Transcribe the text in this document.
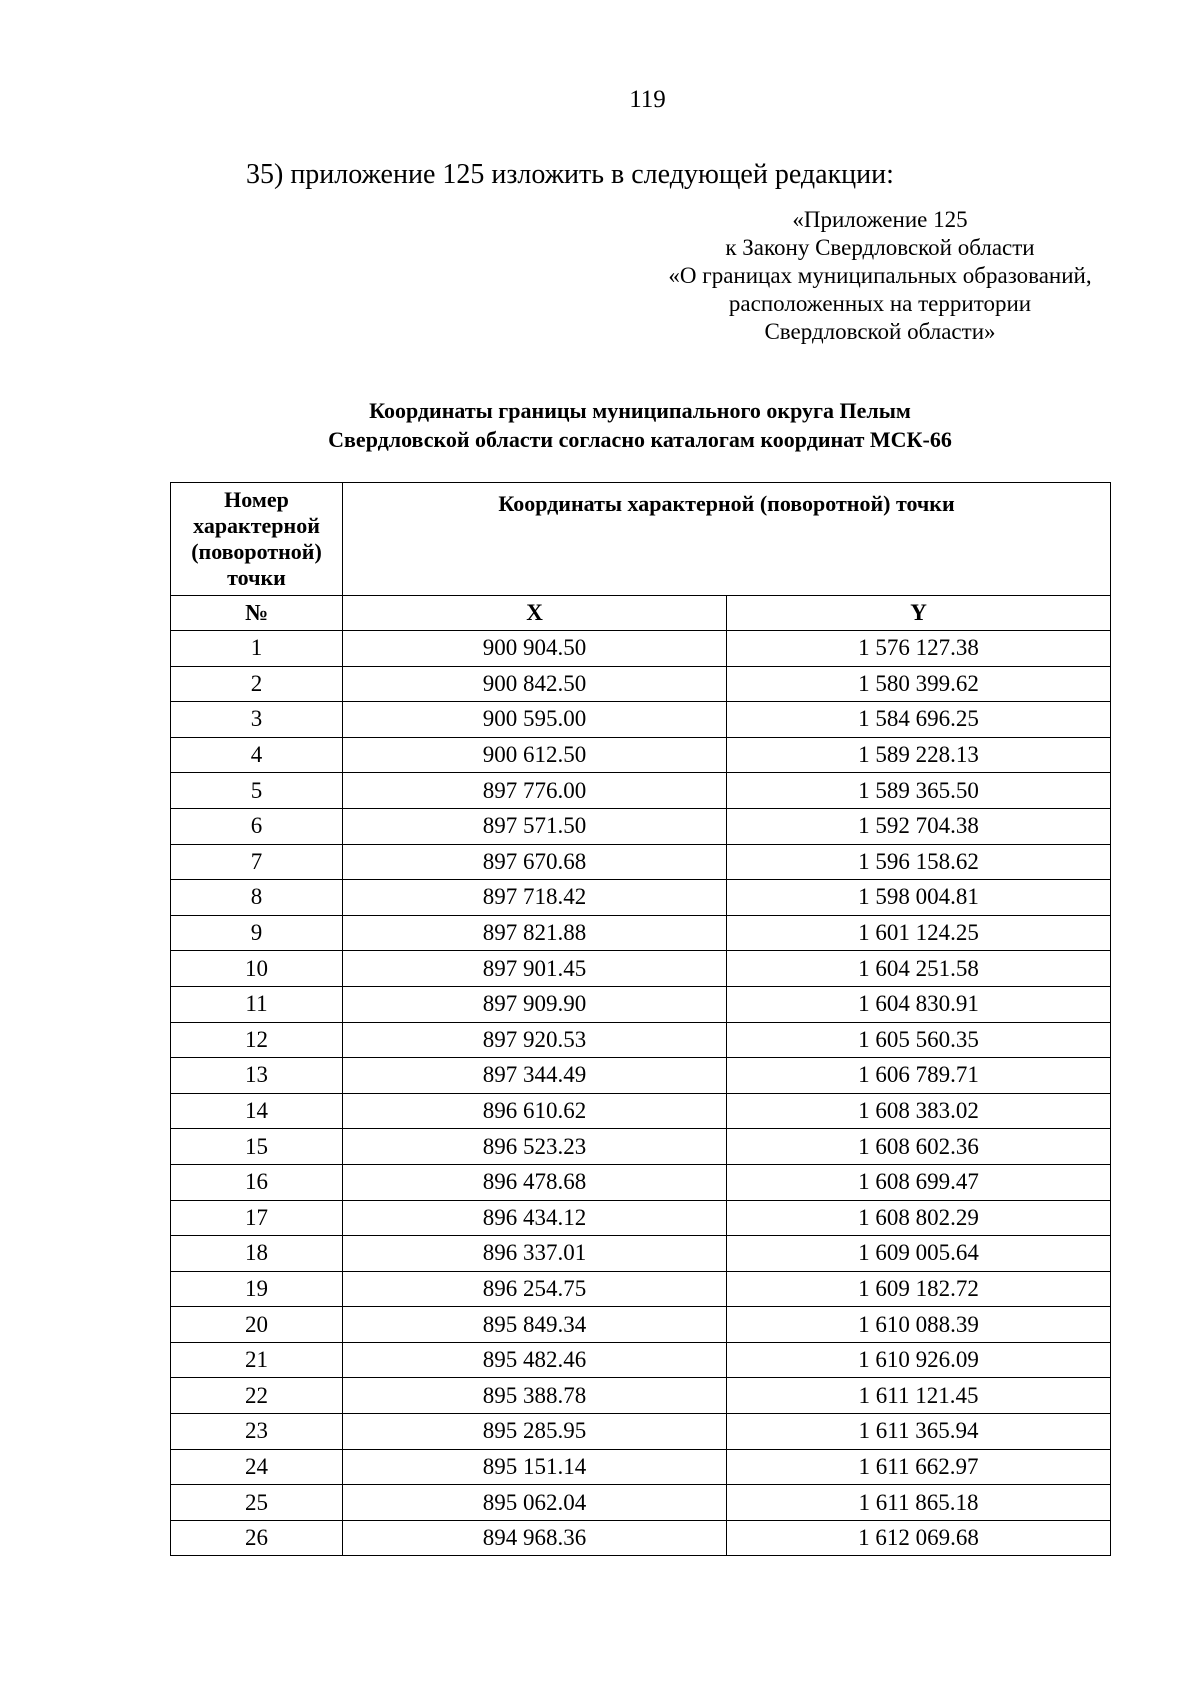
119
35) приложение 125 изложить в следующей редакции:
«Приложение 125
к Закону Свердловской области
«О границах муниципальных образований,
расположенных на территории
Свердловской области»
Координаты границы муниципального округа Пелым
Свердловской области согласно каталогам координат МСК-66
Номер
характерной
(поворотной)
точки	Координаты характерной (поворотной) точки	
№	X	Y
1	900 904.50	1 576 127.38
2	900 842.50	1 580 399.62
3	900 595.00	1 584 696.25
4	900 612.50	1 589 228.13
5	897 776.00	1 589 365.50
6	897 571.50	1 592 704.38
7	897 670.68	1 596 158.62
8	897 718.42	1 598 004.81
9	897 821.88	1 601 124.25
10	897 901.45	1 604 251.58
11	897 909.90	1 604 830.91
12	897 920.53	1 605 560.35
13	897 344.49	1 606 789.71
14	896 610.62	1 608 383.02
15	896 523.23	1 608 602.36
16	896 478.68	1 608 699.47
17	896 434.12	1 608 802.29
18	896 337.01	1 609 005.64
19	896 254.75	1 609 182.72
20	895 849.34	1 610 088.39
21	895 482.46	1 610 926.09
22	895 388.78	1 611 121.45
23	895 285.95	1 611 365.94
24	895 151.14	1 611 662.97
25	895 062.04	1 611 865.18
26	894 968.36	1 612 069.68
